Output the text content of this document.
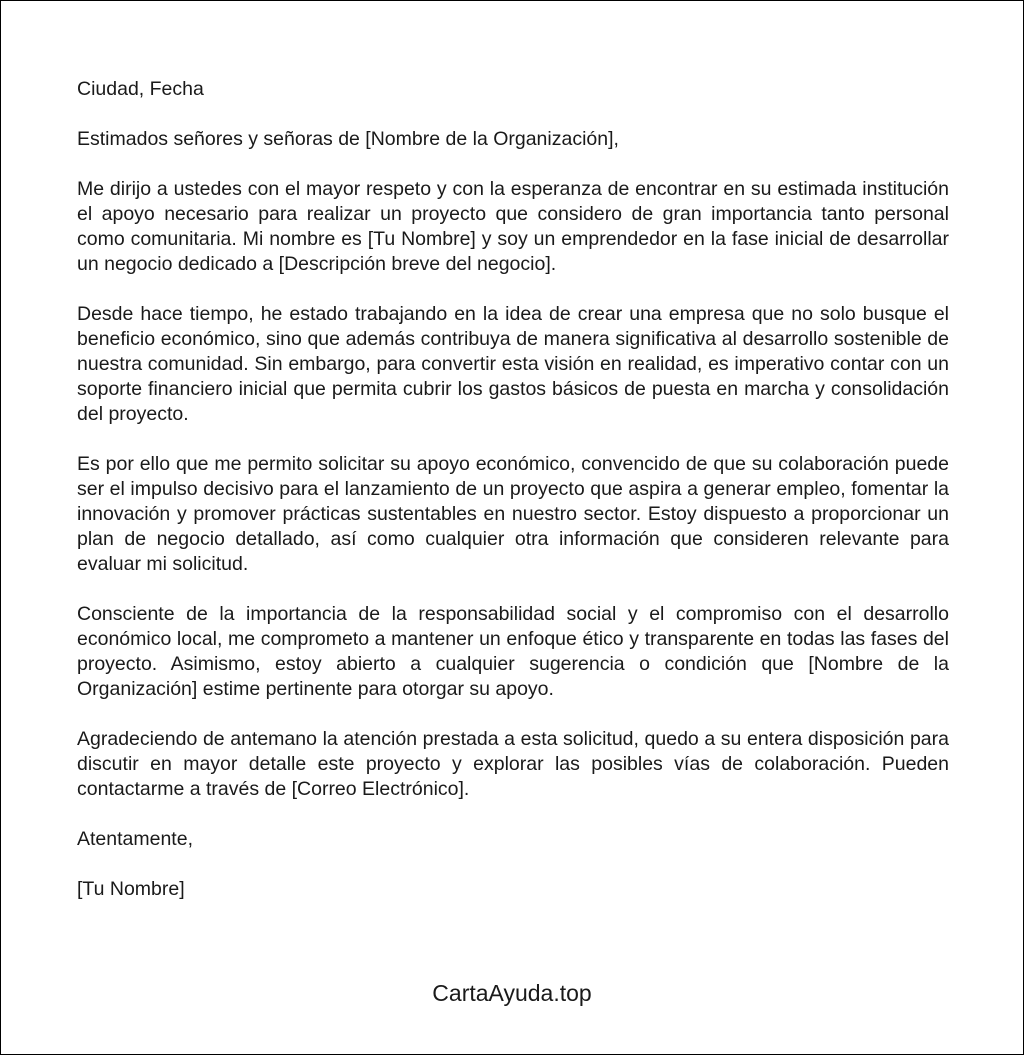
Ciudad, Fecha

Estimados señores y señoras de [Nombre de la Organización],

Me dirijo a ustedes con el mayor respeto y con la esperanza de encontrar en su estimada institución el apoyo necesario para realizar un proyecto que considero de gran importancia tanto personal como comunitaria. Mi nombre es [Tu Nombre] y soy un emprendedor en la fase inicial de desarrollar un negocio dedicado a [Descripción breve del negocio].

Desde hace tiempo, he estado trabajando en la idea de crear una empresa que no solo busque el beneficio económico, sino que además contribuya de manera significativa al desarrollo sostenible de nuestra comunidad. Sin embargo, para convertir esta visión en realidad, es imperativo contar con un soporte financiero inicial que permita cubrir los gastos básicos de puesta en marcha y consolidación del proyecto.

Es por ello que me permito solicitar su apoyo económico, convencido de que su colaboración puede ser el impulso decisivo para el lanzamiento de un proyecto que aspira a generar empleo, fomentar la innovación y promover prácticas sustentables en nuestro sector. Estoy dispuesto a proporcionar un plan de negocio detallado, así como cualquier otra información que consideren relevante para evaluar mi solicitud.

Consciente de la importancia de la responsabilidad social y el compromiso con el desarrollo económico local, me comprometo a mantener un enfoque ético y transparente en todas las fases del proyecto. Asimismo, estoy abierto a cualquier sugerencia o condición que [Nombre de la Organización] estime pertinente para otorgar su apoyo.

Agradeciendo de antemano la atención prestada a esta solicitud, quedo a su entera disposición para discutir en mayor detalle este proyecto y explorar las posibles vías de colaboración. Pueden contactarme a través de [Correo Electrónico].

Atentamente,

[Tu Nombre]

CartaAyuda.top
